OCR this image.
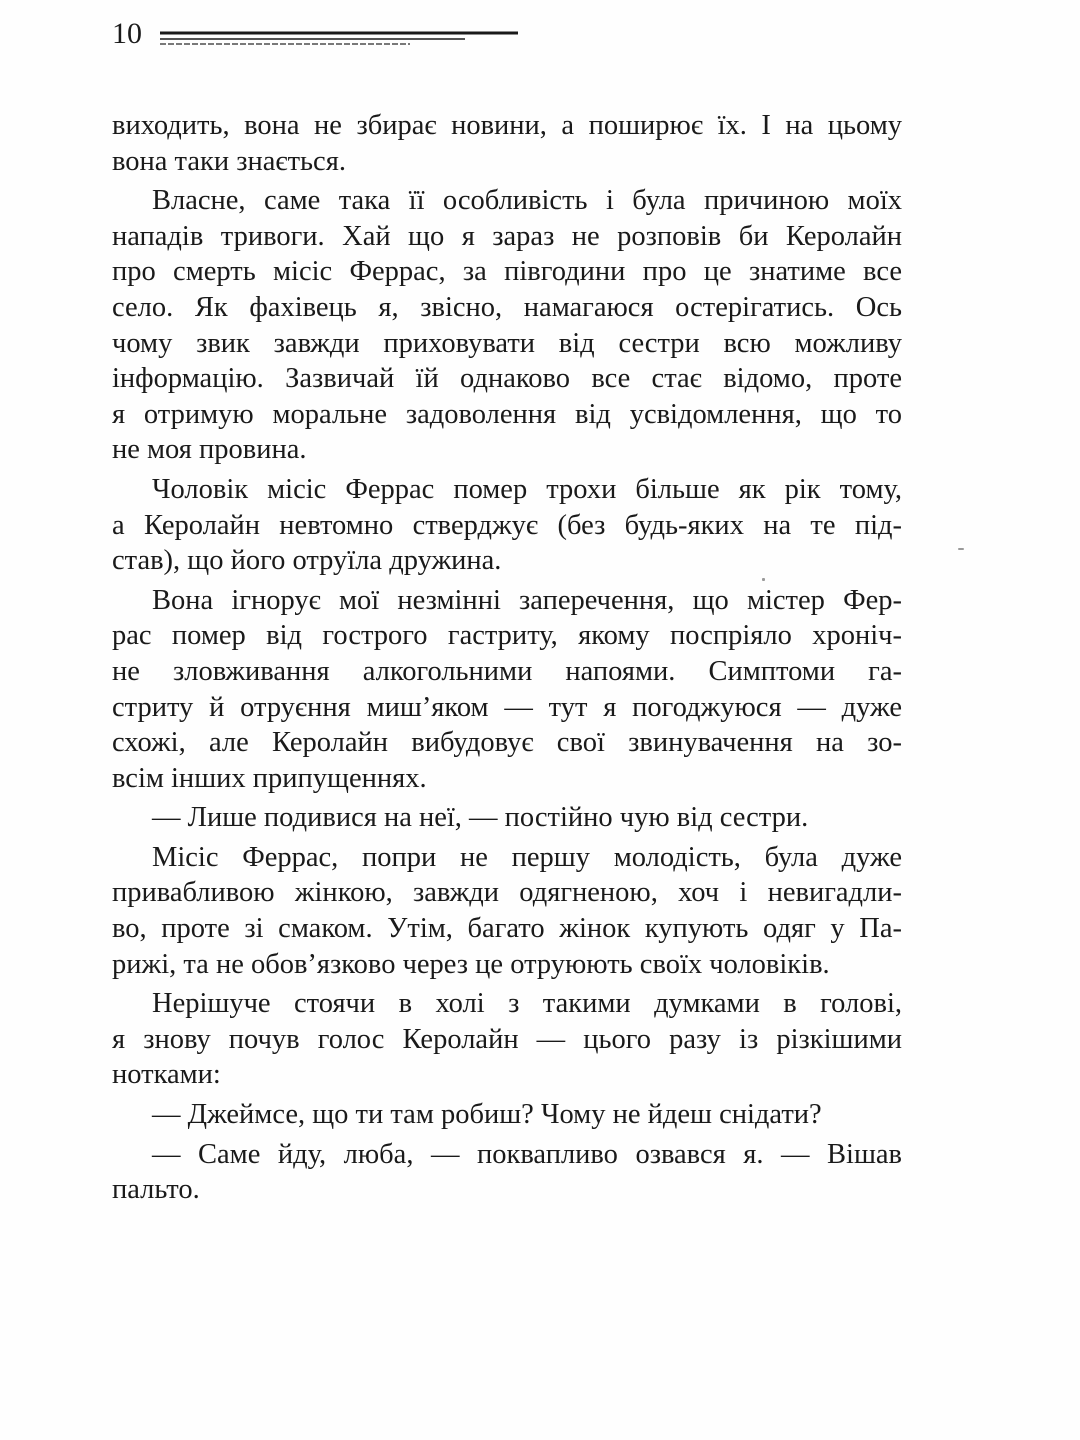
10
виходить, вона не збирає новини, а поширює їх. І на цьому
вона таки знається.
Власне, саме така її особливість і була причиною моїх
нападів тривоги. Хай що я зараз не розповів би Керолайн
про смерть місіс Феррас, за півгодини про це знатиме все
село. Як фахівець я, звісно, намагаюся остерігатись. Ось
чому звик завжди приховувати від сестри всю можливу
інформацію. Зазвичай їй однаково все стає відомо, проте
я отримую моральне задоволення від усвідомлення, що то
не моя провина.
Чоловік місіс Феррас помер трохи більше як рік тому,
а Керолайн невтомно стверджує (без будь-яких на те під-
став), що його отруїла дружина.
Вона ігнорує мої незмінні заперечення, що містер Фер-
рас помер від гострого гастриту, якому поспріяло хроніч-
не зловживання алкогольними напоями. Симптоми га-
стриту й отруєння миш’яком — тут я погоджуюся — дуже
схожі, але Керолайн вибудовує свої звинувачення на зо-
всім інших припущеннях.
— Лише подивися на неї, — постійно чую від сестри.
Місіс Феррас, попри не першу молодість, була дуже
привабливою жінкою, завжди одягненою, хоч і невигадли-
во, проте зі смаком. Утім, багато жінок купують одяг у Па-
рижі, та не обов’язково через це отруюють своїх чоловіків.
Нерішуче стоячи в холі з такими думками в голові,
я знову почув голос Керолайн — цього разу із різкішими
нотками:
— Джеймсе, що ти там робиш? Чому не йдеш снідати?
— Саме йду, люба, — поквапливо озвався я. — Вішав
пальто.
